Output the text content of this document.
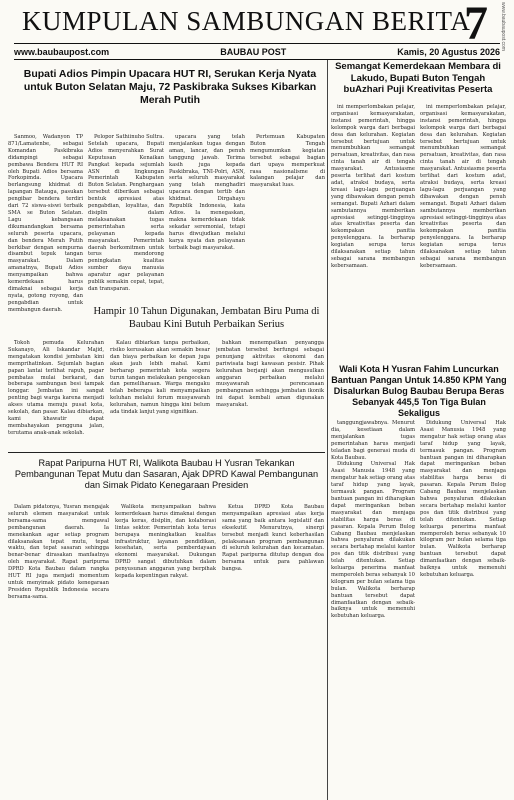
KUMPULAN SAMBUNGAN BERITA
7 www.baubaupost.com
www.baubaupost.com	BAUBAU POST	Kamis, 20 Agustus 2026
Bupati Adios Pimpin Upacara HUT RI, Serukan Kerja Nyata untuk Buton Selatan Maju, 72 Paskibraka Sukses Kibarkan Merah Putih
Semangat Kemerdekaan Membara di Lakudo, Bupati Buton Tengah buAzhari Puji Kreativitas Peserta

Sanmoo, Wadanyon TP 871/Lamatenbe, sebagai Komandan Paskibraka didampingi sebagai pembawa Bendera HUT RI oleh Bupati Adios bersama Forkopimda. Upacara berlangsung khidmat di lapangan Batauga, pasukan pengibar bendera terdiri dari 72 siswa-siswi terbaik SMA se Buton Selatan. Lagu kebangsaan dikumandangkan bersama seluruh peserta upacara, dan bendera Merah Putih berkibar dengan sempurna disambut tepuk tangan masyarakat. Dalam amanatnya, Bupati Adios menyampaikan bahwa kemerdekaan harus dimaknai sebagai kerja nyata, gotong royong, dan pengabdian untuk membangun daerah.

Pelopor Sathiinuho Sultra. Setelah upacara, Bupati Adios menyerahkan Surat Keputusan Kenaikan Pangkat kepada sejumlah ASN di lingkungan Pemerintah Kabupaten Buton Selatan. Penghargaan tersebut diberikan sebagai bentuk apresiasi atas pengabdian, loyalitas, dan disiplin dalam melaksanakan tugas pemerintahan serta pelayanan kepada masyarakat. Pemerintah daerah berkomitmen untuk terus mendorong peningkatan kualitas sumber daya manusia aparatur agar pelayanan publik semakin cepat, tepat, dan transparan.

upacara yang telah menjalankan tugas dengan aman, lancar, dan penuh tanggung jawab. Terima kasih juga kepada Paskibraka, TNI-Polri, ASN, serta seluruh masyarakat yang telah menghadiri upacara dengan tertib dan khidmat. Dirgahayu Republik Indonesia, kata Adios. Ia menegaskan, makna kemerdekaan tidak sekadar seremonial, tetapi harus diwujudkan melalui karya nyata dan pelayanan terbaik bagi masyarakat.

Pertemuan Kabupaten Buton Tengah mengumumkan kegiatan tersebut sebagai bagian dari upaya memperkuat rasa nasionalisme di kalangan pelajar dan masyarakat luas.

ini memperlombakan pelajar, organisasi kemasyarakatan, instansi pemerintah, hingga kelompok warga dari berbagai desa dan kelurahan. Kegiatan tersebut bertujuan untuk menumbuhkan semangat persatuan, kreativitas, dan rasa cinta tanah air di tengah masyarakat. Antusiasme peserta terlihat dari kostum adat, atraksi budaya, serta kreasi lagu-lagu perjuangan yang dibawakan dengan penuh semangat. Bupati Azhari dalam sambutannya memberikan apresiasi setinggi-tingginya atas kreativitas peserta dan kekompakan panitia penyelenggara. Ia berharap kegiatan serupa terus dilaksanakan setiap tahun sebagai sarana membangun kebersamaan.

ini memperlombakan pelajar, organisasi kemasyarakatan, instansi pemerintah, hingga kelompok warga dari berbagai desa dan kelurahan. Kegiatan tersebut bertujuan untuk menumbuhkan semangat persatuan, kreativitas, dan rasa cinta tanah air di tengah masyarakat. Antusiasme peserta terlihat dari kostum adat, atraksi budaya, serta kreasi lagu-lagu perjuangan yang dibawakan dengan penuh semangat. Bupati Azhari dalam sambutannya memberikan apresiasi setinggi-tingginya atas kreativitas peserta dan kekompakan panitia penyelenggara. Ia berharap kegiatan serupa terus dilaksanakan setiap tahun sebagai sarana membangun kebersamaan.

Hampir 10 Tahun Digunakan, Jembatan Biru Puma di Baubau Kini Butuh Perbaikan Serius

Tokoh pemuda Kelurahan Sukanayo, Ali Iskandar Majid, mengatakan kondisi jembatan kini memprihatinkan. Sejumlah bagian papan lantai terlihat rapuh, pagar pembatas mulai berkarat, dan beberapa sambungan besi tampak longgar. Jembatan ini sangat penting bagi warga karena menjadi akses utama menuju pusat kota, sekolah, dan pasar. Kalau dibiarkan, kami khawatir dapat membahayakan pengguna jalan, terutama anak-anak sekolah.

Kalau dibiarkan tanpa perbaikan, risiko kerusakan akan semakin besar dan biaya perbaikan ke depan juga akan jauh lebih mahal. Kami berharap pemerintah kota segera turun tangan melakukan pengecekan dan pemeliharaan. Warga mengaku telah beberapa kali menyampaikan keluhan melalui forum musyawarah kelurahan, namun hingga kini belum ada tindak lanjut yang signifikan.

bahkan menempatkan penyangga jembatan tersebut berfungsi sebagai penunjang aktivitas ekonomi dan pariwisata bagi kawasan pesisir. Pihak kelurahan berjanji akan mengusulkan anggaran perbaikan melalui musyawarah perencanaan pembangunan sehingga jembatan ikonik ini dapat kembali aman digunakan masyarakat.

Wali Kota H Yusran Fahim Luncurkan Bantuan Pangan Untuk 14.850 KPM Yang Disalurkan Bulog Baubau Berupa Beras Sebanyak 445,5 Ton Tiga Bulan Sekaligus
Rapat Paripurna HUT RI, Walikota Baubau H Yusran Tekankan Pembangunan Tepat Mutu dan Sasaran, Ajak DPRD Kawal Pembangunan dan Simak Pidato Kenegaraan Presiden

Dalam pidatonya, Yusran mengajak seluruh elemen masyarakat untuk bersama-sama mengawal pembangunan daerah. Ia menekankan agar setiap program dilaksanakan tepat mutu, tepat waktu, dan tepat sasaran sehingga benar-benar dirasakan manfaatnya oleh masyarakat. Rapat paripurna DPRD Kota Baubau dalam rangka HUT RI juga menjadi momentum untuk menyimak pidato kenegaraan Presiden Republik Indonesia secara bersama-sama.

Walikota menyampaikan bahwa kemerdekaan harus dimaknai dengan kerja keras, disiplin, dan kolaborasi lintas sektor. Pemerintah kota terus berupaya meningkatkan kualitas infrastruktur, layanan pendidikan, kesehatan, serta pemberdayaan ekonomi masyarakat. Dukungan DPRD sangat dibutuhkan dalam penyusunan anggaran yang berpihak kepada kepentingan rakyat.

Ketua DPRD Kota Baubau menyampaikan apresiasi atas kerja sama yang baik antara legislatif dan eksekutif. Menurutnya, sinergi tersebut menjadi kunci keberhasilan pelaksanaan program pembangunan di seluruh kelurahan dan kecamatan. Rapat paripurna ditutup dengan doa bersama untuk para pahlawan bangsa.

tanggungjawabnya. Menurut dia, kesetiaan dalam menjalankan tugas pemerintahan harus menjadi teladan bagi generasi muda di Kota Baubau.

Didukung Universal Hak Asasi Manusia 1948 yang mengatur hak setiap orang atas taraf hidup yang layak, termasuk pangan. Program bantuan pangan ini diharapkan dapat meringankan beban masyarakat dan menjaga stabilitas harga beras di pasaran. Kepala Perum Bulog Cabang Baubau menjelaskan bahwa penyaluran dilakukan secara bertahap melalui kantor pos dan titik distribusi yang telah ditentukan. Setiap keluarga penerima manfaat memperoleh beras sebanyak 10 kilogram per bulan selama tiga bulan. Walikota berharap bantuan tersebut dapat dimanfaatkan dengan sebaik-baiknya untuk memenuhi kebutuhan keluarga.

Didukung Universal Hak Asasi Manusia 1948 yang mengatur hak setiap orang atas taraf hidup yang layak, termasuk pangan. Program bantuan pangan ini diharapkan dapat meringankan beban masyarakat dan menjaga stabilitas harga beras di pasaran. Kepala Perum Bulog Cabang Baubau menjelaskan bahwa penyaluran dilakukan secara bertahap melalui kantor pos dan titik distribusi yang telah ditentukan. Setiap keluarga penerima manfaat memperoleh beras sebanyak 10 kilogram per bulan selama tiga bulan. Walikota berharap bantuan tersebut dapat dimanfaatkan dengan sebaik-baiknya untuk memenuhi kebutuhan keluarga.
